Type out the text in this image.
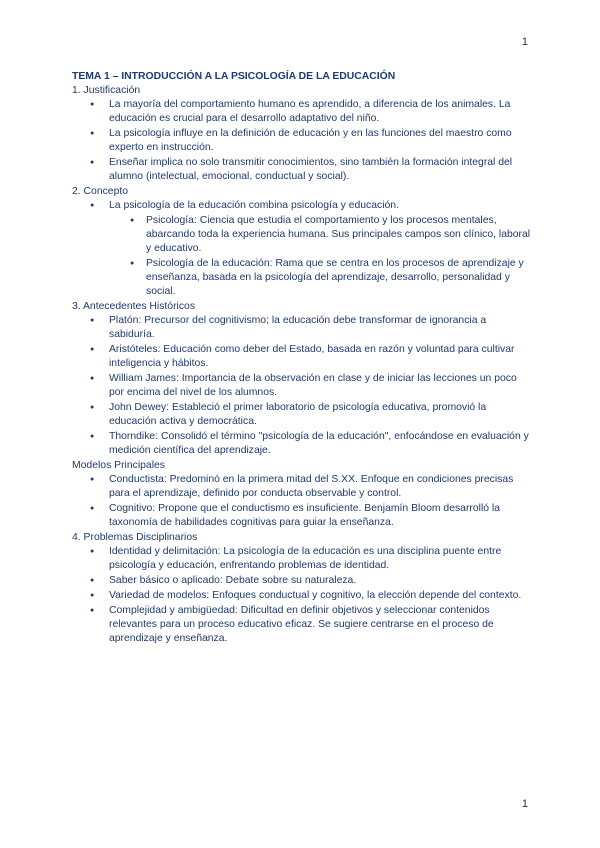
1

TEMA 1 – INTRODUCCIÓN A LA PSICOLOGÍA DE LA EDUCACIÓN

1. Justificación

● La mayoría del comportamiento humano es aprendido, a diferencia de los animales. La educación es crucial para el desarrollo adaptativo del niño.
● La psicología influye en la definición de educación y en las funciones del maestro como experto en instrucción.
● Enseñar implica no solo transmitir conocimientos, sino también la formación integral del alumno (intelectual, emocional, conductual y social).

2. Concepto

● La psicología de la educación combina psicología y educación.
● Psicología: Ciencia que estudia el comportamiento y los procesos mentales, abarcando toda la experiencia humana. Sus principales campos son clínico, laboral y educativo.
● Psicología de la educación: Rama que se centra en los procesos de aprendizaje y enseñanza, basada en la psicología del aprendizaje, desarrollo, personalidad y social.

3. Antecedentes Históricos

● Platón: Precursor del cognitivismo; la educación debe transformar de ignorancia a sabiduría.
● Aristóteles: Educación como deber del Estado, basada en razón y voluntad para cultivar inteligencia y hábitos.
● William James: Importancia de la observación en clase y de iniciar las lecciones un poco por encima del nivel de los alumnos.
● John Dewey: Estableció el primer laboratorio de psicología educativa, promovió la educación activa y democrática.
● Thorndike: Consolidó el término "psicología de la educación", enfocándose en evaluación y medición científica del aprendizaje.

Modelos Principales

● Conductista: Predominó en la primera mitad del S.XX. Enfoque en condiciones precisas para el aprendizaje, definido por conducta observable y control.
● Cognitivo: Propone que el conductismo es insuficiente. Benjamín Bloom desarrolló la taxonomía de habilidades cognitivas para guiar la enseñanza.

4. Problemas Disciplinarios

● Identidad y delimitación: La psicología de la educación es una disciplina puente entre psicología y educación, enfrentando problemas de identidad.
● Saber básico o aplicado: Debate sobre su naturaleza.
● Variedad de modelos: Enfoques conductual y cognitivo, la elección depende del contexto.
● Complejidad y ambigüedad: Dificultad en definir objetivos y seleccionar contenidos relevantes para un proceso educativo eficaz. Se sugiere centrarse en el proceso de aprendizaje y enseñanza.
1
